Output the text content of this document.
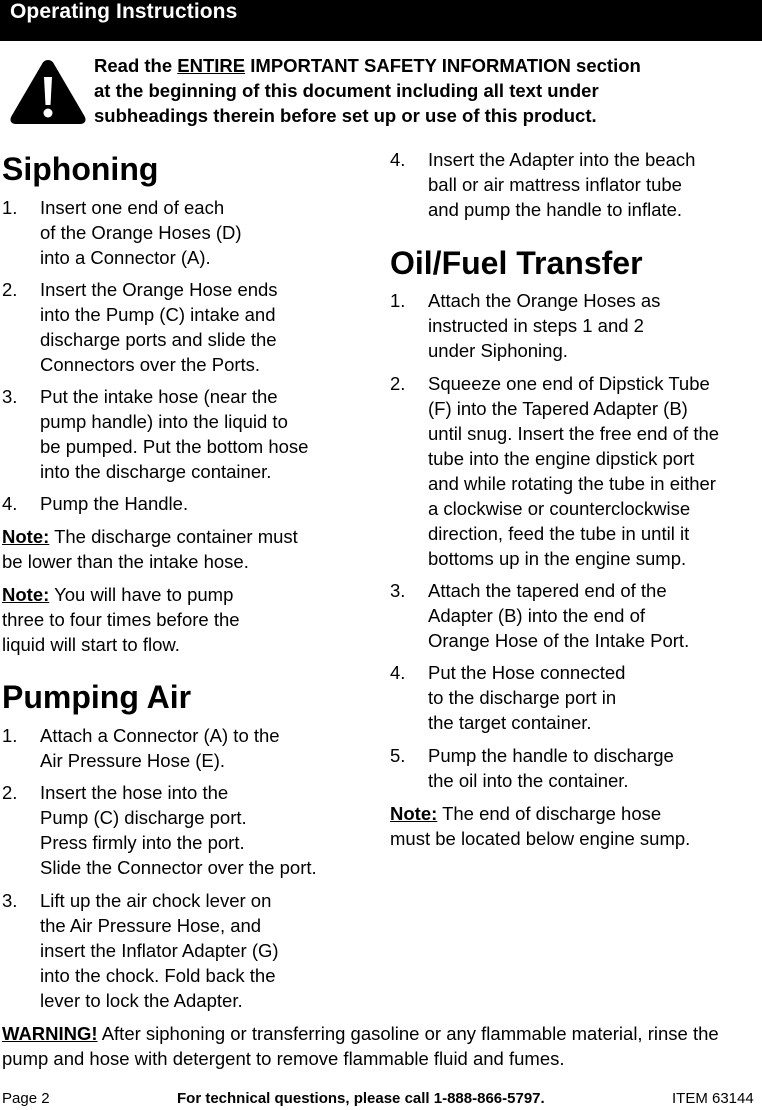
Operating Instructions
Read the ENTIRE IMPORTANT SAFETY INFORMATION section
at the beginning of this document including all text under
subheadings therein before set up or use of this product.
Siphoning
1. Insert one end of each
of the Orange Hoses (D)
into a Connector (A).
2. Insert the Orange Hose ends
into the Pump (C) intake and
discharge ports and slide the
Connectors over the Ports.
3. Put the intake hose (near the
pump handle) into the liquid to
be pumped. Put the bottom hose
into the discharge container.
4. Pump the Handle.
Note: The discharge container must
be lower than the intake hose.
Note: You will have to pump
three to four times before the
liquid will start to flow.
Pumping Air
1. Attach a Connector (A) to the
Air Pressure Hose (E).
2. Insert the hose into the
Pump (C) discharge port.
Press firmly into the port.
Slide the Connector over the port.
3. Lift up the air chock lever on
the Air Pressure Hose, and
insert the Inflator Adapter (G)
into the chock. Fold back the
lever to lock the Adapter.
4. Insert the Adapter into the beach
ball or air mattress inflator tube
and pump the handle to inflate.
Oil/Fuel Transfer
1. Attach the Orange Hoses as
instructed in steps 1 and 2
under Siphoning.
2. Squeeze one end of Dipstick Tube
(F) into the Tapered Adapter (B)
until snug. Insert the free end of the
tube into the engine dipstick port
and while rotating the tube in either
a clockwise or counterclockwise
direction, feed the tube in until it
bottoms up in the engine sump.
3. Attach the tapered end of the
Adapter (B) into the end of
Orange Hose of the Intake Port.
4. Put the Hose connected
to the discharge port in
the target container.
5. Pump the handle to discharge
the oil into the container.
Note: The end of discharge hose
must be located below engine sump.
WARNING! After siphoning or transferring gasoline or any flammable material, rinse the pump and hose with detergent to remove flammable fluid and fumes.
Page 2	For technical questions, please call 1-888-866-5797.	ITEM 63144
